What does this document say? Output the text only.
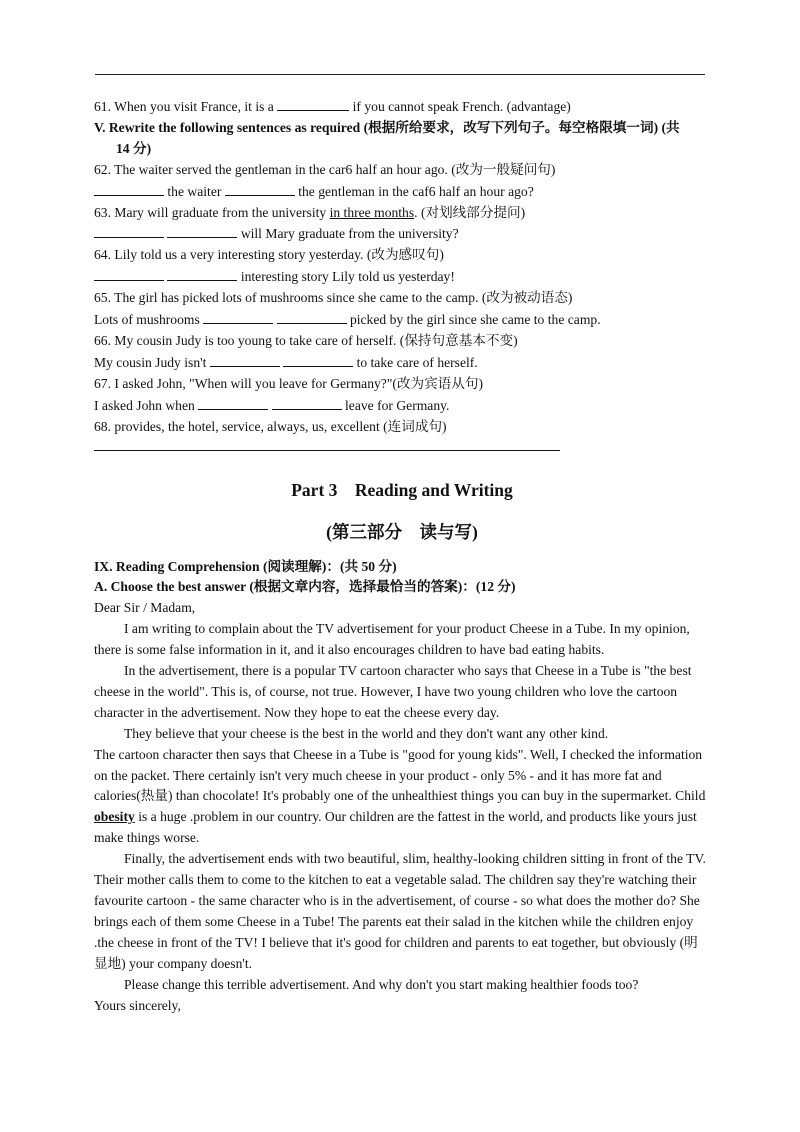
61. When you visit France, it is a	if you cannot speak French. (advantage)
V. Rewrite the following sentences as required (根据所给要求，改写下列句子。每空格限填一词) (共
14 分)
62. The waiter served the gentleman in the car6 half an hour ago. (改为一般疑问句)
the waiter	the gentleman in the caf6 half an hour ago?
63. Mary will graduate from the university in three months. (对划线部分提问)
will Mary graduate from the university?
64. Lily told us a very interesting story yesterday. (改为感叹句)
interesting story Lily told us yesterday!
65. The girl has picked lots of mushrooms since she came to the camp. (改为被动语态)
Lots of mushrooms	picked by the girl since she came to the camp.
66. My cousin Judy is too young to take care of herself. (保持句意基本不变)
My cousin Judy isn't	to take care of herself.
67. I asked John, "When will you leave for Germany?"(改为宾语从句)
I asked John when	leave for Germany.
68. provides, the hotel, service, always, us, excellent (连词成句)
Part 3    Reading and Writing
(第三部分    读与写)
IX. Reading Comprehension (阅读理解)：(共 50 分)
A. Choose the best answer (根据文章内容，选择最恰当的答案)：(12 分)
Dear Sir / Madam,
I am writing to complain about the TV advertisement for your product Cheese in a Tube. In my opinion, there is some false information in it, and it also encourages children to have bad eating habits.
In the advertisement, there is a popular TV cartoon character who says that Cheese in a Tube is "the best cheese in the world". This is, of course, not true. However, I have two young children who love the cartoon character in the advertisement. Now they hope to eat the cheese every day.
They believe that your cheese is the best in the world and they don't want any other kind.
The cartoon character then says that Cheese in a Tube is "good for young kids". Well, I checked the information on the packet. There certainly isn't very much cheese in your product - only 5% - and it has more fat and calories(热量) than chocolate! It's probably one of the unhealthiest things you can buy in the supermarket. Child obesity is a huge .problem in our country. Our children are the fattest in the world, and products like yours just make things worse.
Finally, the advertisement ends with two beautiful, slim, healthy-looking children sitting in front of the TV. Their mother calls them to come to the kitchen to eat a vegetable salad. The children say they're watching their favourite cartoon - the same character who is in the advertisement, of course - so what does the mother do? She brings each of them some Cheese in a Tube! The parents eat their salad in the kitchen while the children enjoy .the cheese in front of the TV! I believe that it's good for children and parents to eat together, but obviously (明显地) your company doesn't.
Please change this terrible advertisement. And why don't you start making healthier foods too?
Yours sincerely,
